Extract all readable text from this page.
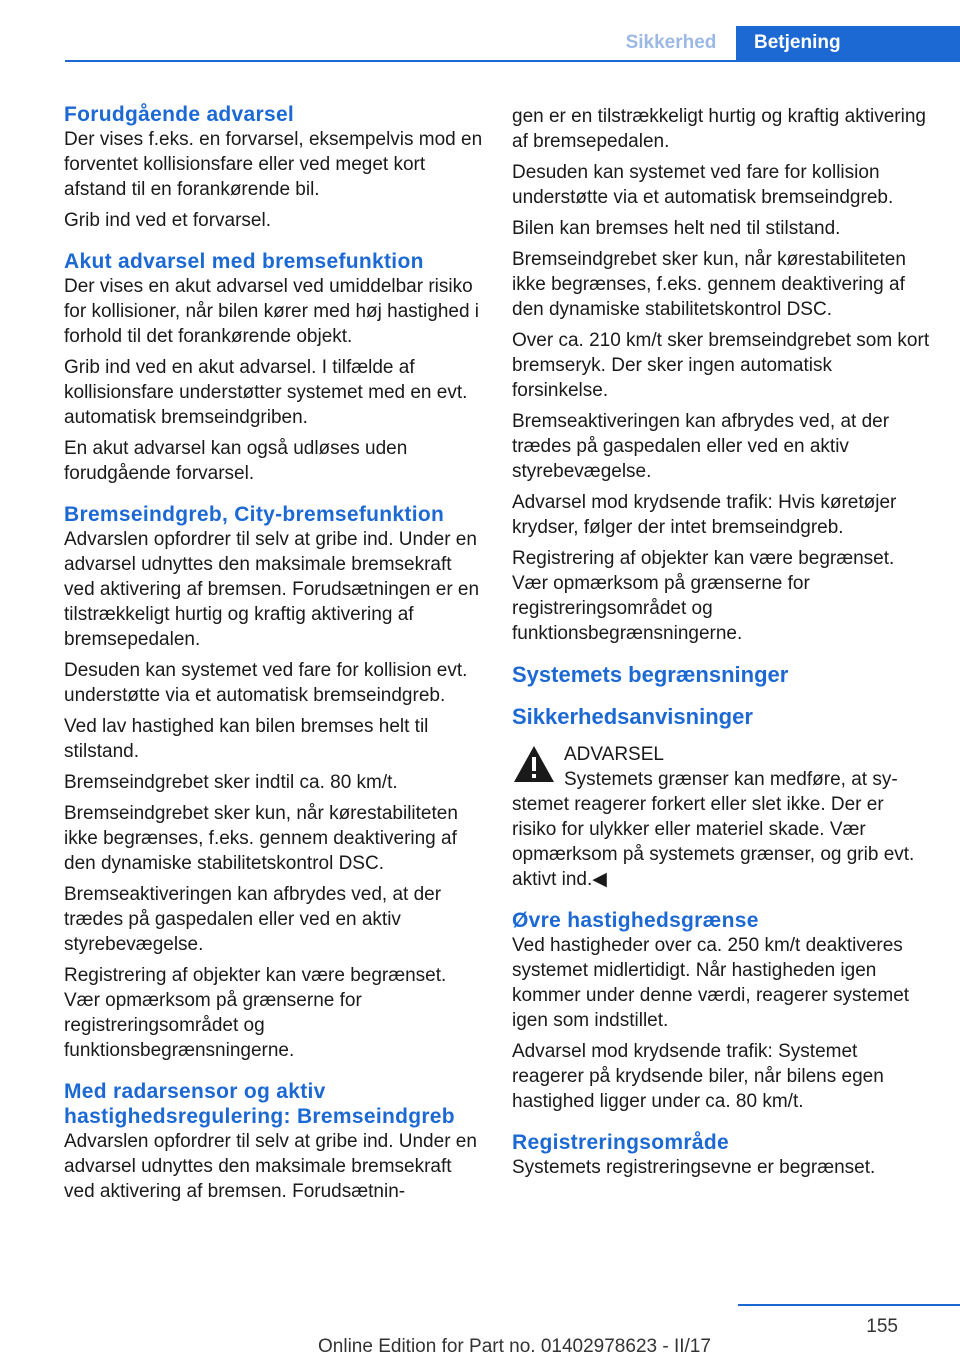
Sikkerhed	Betjening
Forudgående advarsel

Der vises f.eks. en forvarsel, eksempelvis mod en forventet kollisionsfare eller ved meget kort afstand til en forankørende bil.

Grib ind ved et forvarsel.

Akut advarsel med bremsefunktion

Der vises en akut advarsel ved umiddelbar risiko for kollisioner, når bilen kører med høj hastighed i forhold til det forankørende objekt.

Grib ind ved en akut advarsel. I tilfælde af kollisionsfare understøtter systemet med en evt. automatisk bremseindgriben.

En akut advarsel kan også udløses uden forudgående forvarsel.

Bremseindgreb, City-bremsefunktion

Advarslen opfordrer til selv at gribe ind. Under en advarsel udnyttes den maksimale bremsekraft ved aktivering af bremsen. Forudsætningen er en tilstrækkeligt hurtig og kraftig aktivering af bremsepedalen.

Desuden kan systemet ved fare for kollision evt. understøtte via et automatisk bremseindgreb.

Ved lav hastighed kan bilen bremses helt til stilstand.

Bremseindgrebet sker indtil ca. 80 km/t.

Bremseindgrebet sker kun, når kørestabiliteten ikke begrænses, f.eks. gennem deaktivering af den dynamiske stabilitetskontrol DSC.

Bremseaktiveringen kan afbrydes ved, at der trædes på gaspedalen eller ved en aktiv styrebevægelse.

Registrering af objekter kan være begrænset. Vær opmærksom på grænserne for registreringsområdet og funktionsbegrænsningerne.

Med radarsensor og aktiv hastighedsregulering: Bremseindgreb

Advarslen opfordrer til selv at gribe ind. Under en advarsel udnyttes den maksimale bremsekraft ved aktivering af bremsen. Forudsætnin-

gen er en tilstrækkeligt hurtig og kraftig aktivering af bremsepedalen.

Desuden kan systemet ved fare for kollision understøtte via et automatisk bremseindgreb.

Bilen kan bremses helt ned til stilstand.

Bremseindgrebet sker kun, når kørestabiliteten ikke begrænses, f.eks. gennem deaktivering af den dynamiske stabilitetskontrol DSC.

Over ca. 210 km/t sker bremseindgrebet som kort bremseryk. Der sker ingen automatisk forsinkelse.

Bremseaktiveringen kan afbrydes ved, at der trædes på gaspedalen eller ved en aktiv styrebevægelse.

Advarsel mod krydsende trafik: Hvis køretøjer krydser, følger der intet bremseindgreb.

Registrering af objekter kan være begrænset. Vær opmærksom på grænserne for registreringsområdet og funktionsbegrænsningerne.

Systemets begrænsninger
Sikkerhedsanvisninger

ADVARSEL

Systemets grænser kan medføre, at sy-

stemet reagerer forkert eller slet ikke. Der er risiko for ulykker eller materiel skade. Vær opmærksom på systemets grænser, og grib evt. aktivt ind.◀

Øvre hastighedsgrænse

Ved hastigheder over ca. 250 km/t deaktiveres systemet midlertidigt. Når hastigheden igen kommer under denne værdi, reagerer systemet igen som indstillet.

Advarsel mod krydsende trafik: Systemet reagerer på krydsende biler, når bilens egen hastighed ligger under ca. 80 km/t.

Registreringsområde

Systemets registreringsevne er begrænset.

155
Online Edition for Part no. 01402978623 - II/17
